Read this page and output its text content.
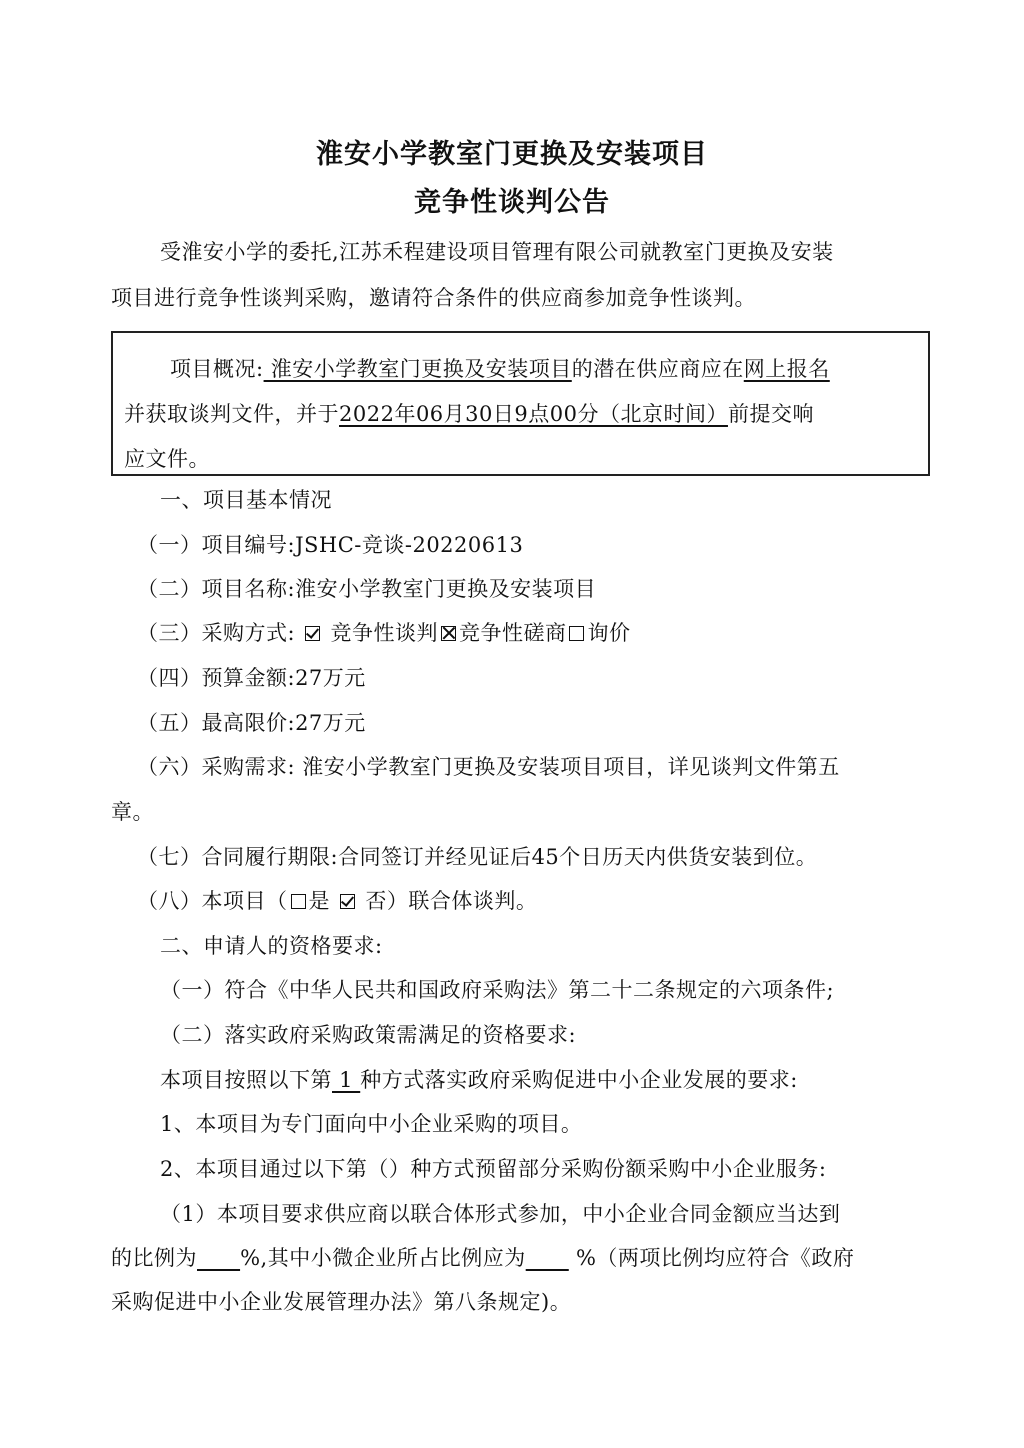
淮安小学教室门更换及安装项目
竞争性谈判公告
受淮安小学的委托,江苏禾程建设项目管理有限公司就教室门更换及安装
项目进行竞争性谈判采购，邀请符合条件的供应商参加竞争性谈判。
项目概况: 淮安小学教室门更换及安装项目的潜在供应商应在网上报名
并获取谈判文件，并于2022年06月30日9点00分（北京时间）前提交响
应文件。
一、项目基本情况
（一）项目编号:JSHC-竞谈-20220613
（二）项目名称:淮安小学教室门更换及安装项目
（三）采购方式: 竞争性谈判 竞争性磋商 询价
（四）预算金额:27万元
（五）最高限价:27万元
（六）采购需求: 淮安小学教室门更换及安装项目项目，详见谈判文件第五
章。
（七）合同履行期限:合同签订并经见证后45个日历天内供货安装到位。
（八）本项目（ 是 否）联合体谈判。
二、申请人的资格要求:
（一）符合《中华人民共和国政府采购法》第二十二条规定的六项条件;
（二）落实政府采购政策需满足的资格要求:
本项目按照以下第 1 种方式落实政府采购促进中小企业发展的要求:
1、本项目为专门面向中小企业采购的项目。
2、本项目通过以下第（）种方式预留部分采购份额采购中小企业服务:
（1）本项目要求供应商以联合体形式参加，中小企业合同金额应当达到
的比例为 %,其中小微企业所占比例应为       %（两项比例均应符合《政府
采购促进中小企业发展管理办法》第八条规定)。
